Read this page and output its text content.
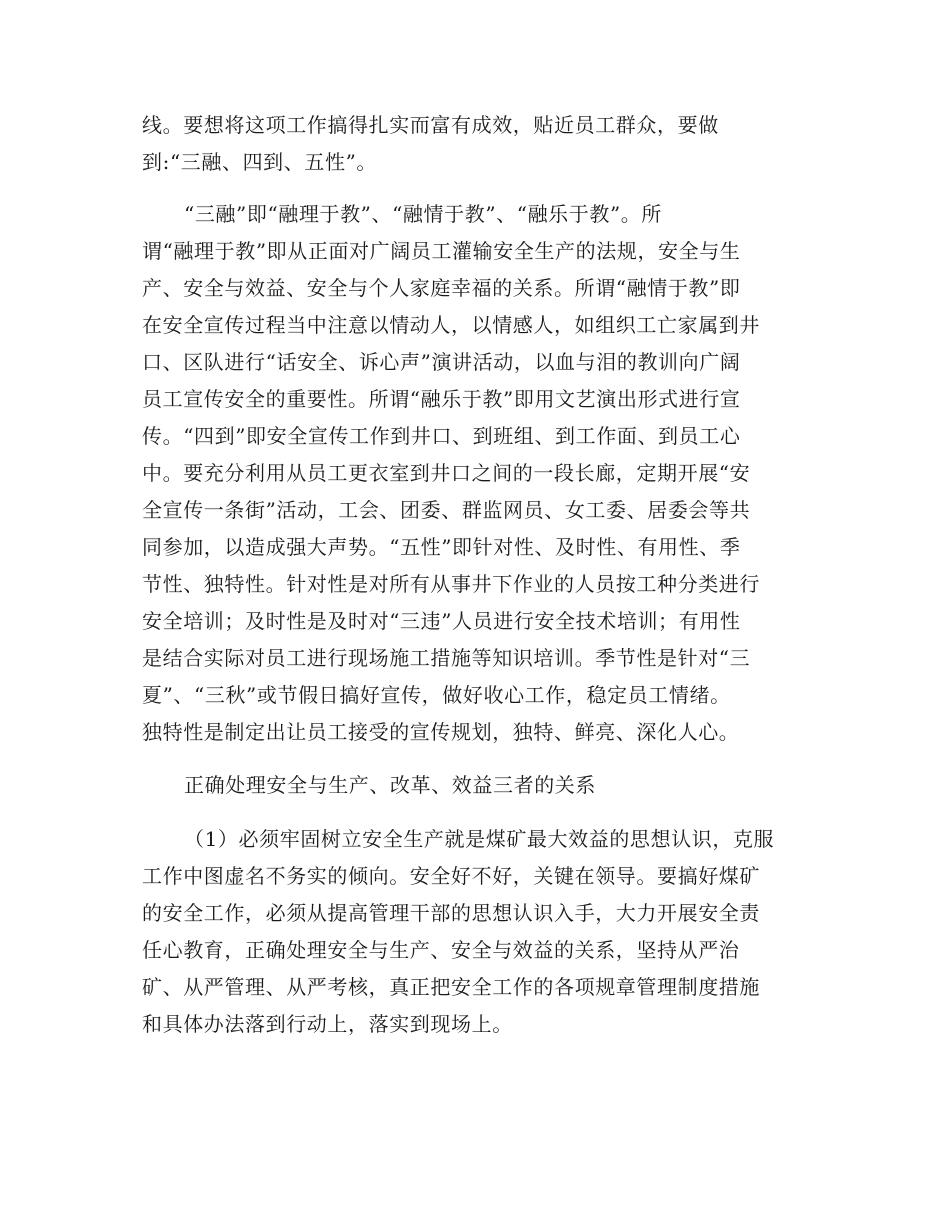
线。要想将这项工作搞得扎实而富有成效，贴近员工群众，要做
到:“三融、四到、五性”。
“三融”即“融理于教”、“融情于教”、“融乐于教”。所
谓“融理于教”即从正面对广阔员工灌输安全生产的法规，安全与生
产、安全与效益、安全与个人家庭幸福的关系。所谓“融情于教”即
在安全宣传过程当中注意以情动人，以情感人，如组织工亡家属到井
口、区队进行“话安全、诉心声”演讲活动，以血与泪的教训向广阔
员工宣传安全的重要性。所谓“融乐于教”即用文艺演出形式进行宣
传。“四到”即安全宣传工作到井口、到班组、到工作面、到员工心
中。要充分利用从员工更衣室到井口之间的一段长廊，定期开展“安
全宣传一条街”活动，工会、团委、群监网员、女工委、居委会等共
同参加，以造成强大声势。“五性”即针对性、及时性、有用性、季
节性、独特性。针对性是对所有从事井下作业的人员按工种分类进行
安全培训；及时性是及时对“三违”人员进行安全技术培训；有用性
是结合实际对员工进行现场施工措施等知识培训。季节性是针对“三
夏”、“三秋”或节假日搞好宣传，做好收心工作，稳定员工情绪。
独特性是制定出让员工接受的宣传规划，独特、鲜亮、深化人心。
正确处理安全与生产、改革、效益三者的关系
（1）必须牢固树立安全生产就是煤矿最大效益的思想认识，克服
工作中图虚名不务实的倾向。安全好不好，关键在领导。要搞好煤矿
的安全工作，必须从提高管理干部的思想认识入手，大力开展安全责
任心教育，正确处理安全与生产、安全与效益的关系，坚持从严治
矿、从严管理、从严考核，真正把安全工作的各项规章管理制度措施
和具体办法落到行动上，落实到现场上。
